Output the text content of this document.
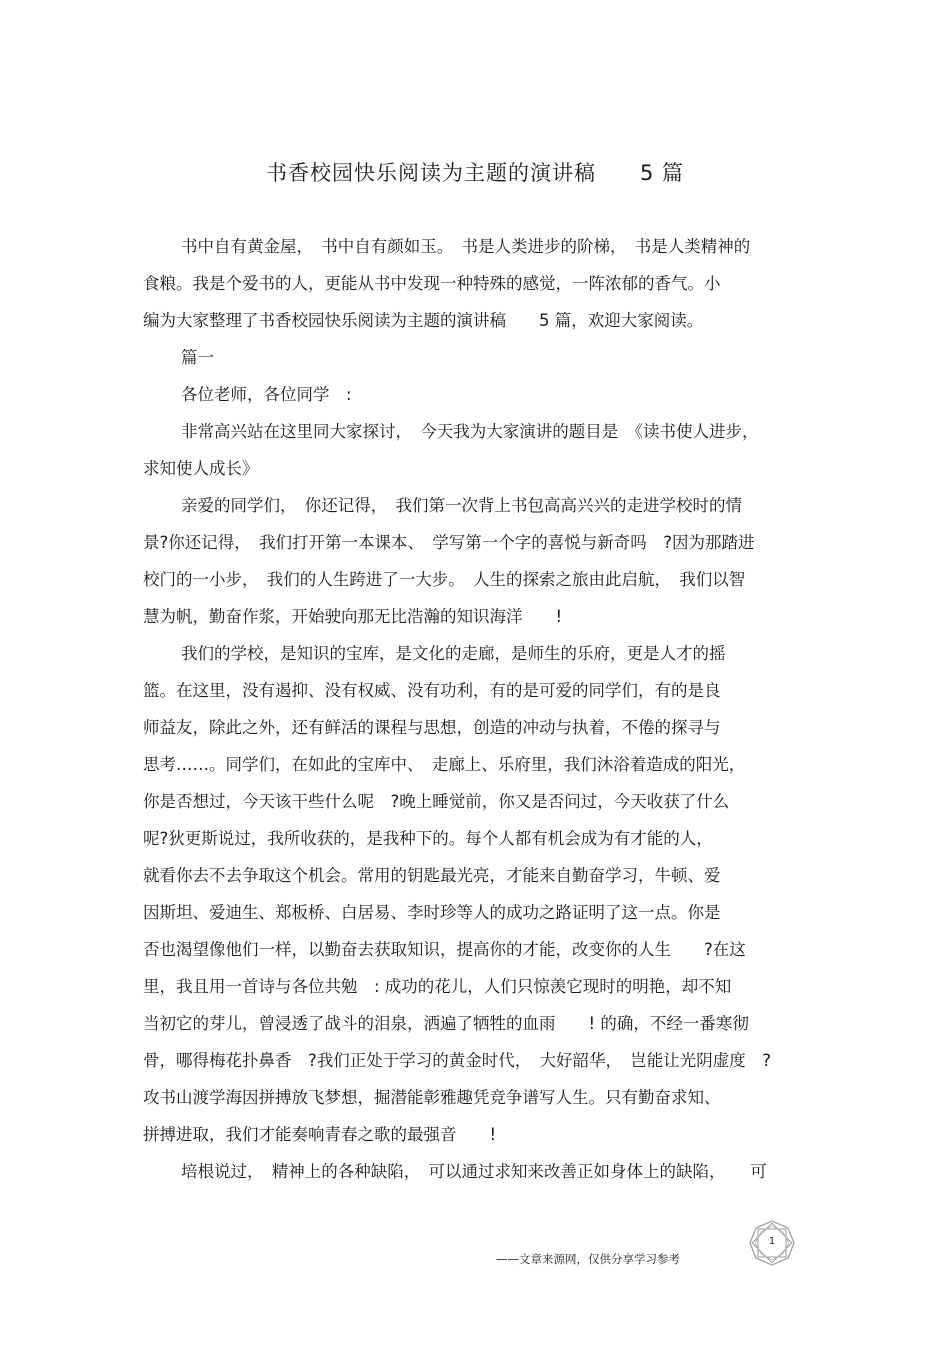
书香校园快乐阅读为主题的演讲稿　　5 篇
书中自有黄金屋，　书中自有颜如玉。　书是人类进步的阶梯，　书是人类精神的
食粮。我是个爱书的人，更能从书中发现一种特殊的感觉，一阵浓郁的香气。小
编为大家整理了书香校园快乐阅读为主题的演讲稿　　5 篇，欢迎大家阅读。
篇一
各位老师，各位同学　:
非常高兴站在这里同大家探讨，　今天我为大家演讲的题目是　《读书使人进步，
求知使人成长》
亲爱的同学们，　你还记得，　我们第一次背上书包高高兴兴的走进学校时的情
景?你还记得，　我们打开第一本课本、　学写第一个字的喜悦与新奇吗　?因为那踏进
校门的一小步，　我们的人生跨进了一大步。　人生的探索之旅由此启航，　我们以智
慧为帆，勤奋作浆，开始驶向那无比浩瀚的知识海洋　　!
我们的学校，是知识的宝库，是文化的走廊，是师生的乐府，更是人才的摇
篮。在这里，没有遏抑、没有权威、没有功利，有的是可爱的同学们，有的是良
师益友，除此之外，还有鲜活的课程与思想，创造的冲动与执着，不倦的探寻与
思考……。同学们，在如此的宝库中、　走廊上、乐府里，我们沐浴着造成的阳光，
你是否想过，今天该干些什么呢　?晚上睡觉前，你又是否问过，今天收获了什么
呢?狄更斯说过，我所收获的，是我种下的。每个人都有机会成为有才能的人，
就看你去不去争取这个机会。常用的钥匙最光亮，才能来自勤奋学习，牛顿、爱
因斯坦、爱迪生、郑板桥、白居易、李时珍等人的成功之路证明了这一点。你是
否也渴望像他们一样，以勤奋去获取知识，提高你的才能，改变你的人生　　?在这
里，我且用一首诗与各位共勉　: 成功的花儿，人们只惊羡它现时的明艳，却不知
当初它的芽儿，曾浸透了战斗的泪泉，洒遍了牺牲的血雨　　! 的确，不经一番寒彻
骨，哪得梅花扑鼻香　?我们正处于学习的黄金时代，　大好韶华，　岂能让光阴虚度　?
攻书山渡学海因拼搏放飞梦想，掘潜能彰雅趣凭竞争谱写人生。只有勤奋求知、
拼搏进取，我们才能奏响青春之歌的最强音　　!
培根说过，　精神上的各种缺陷，　可以通过求知来改善正如身体上的缺陷，　　可
1
——文章来源网，仅供分享学习参考
